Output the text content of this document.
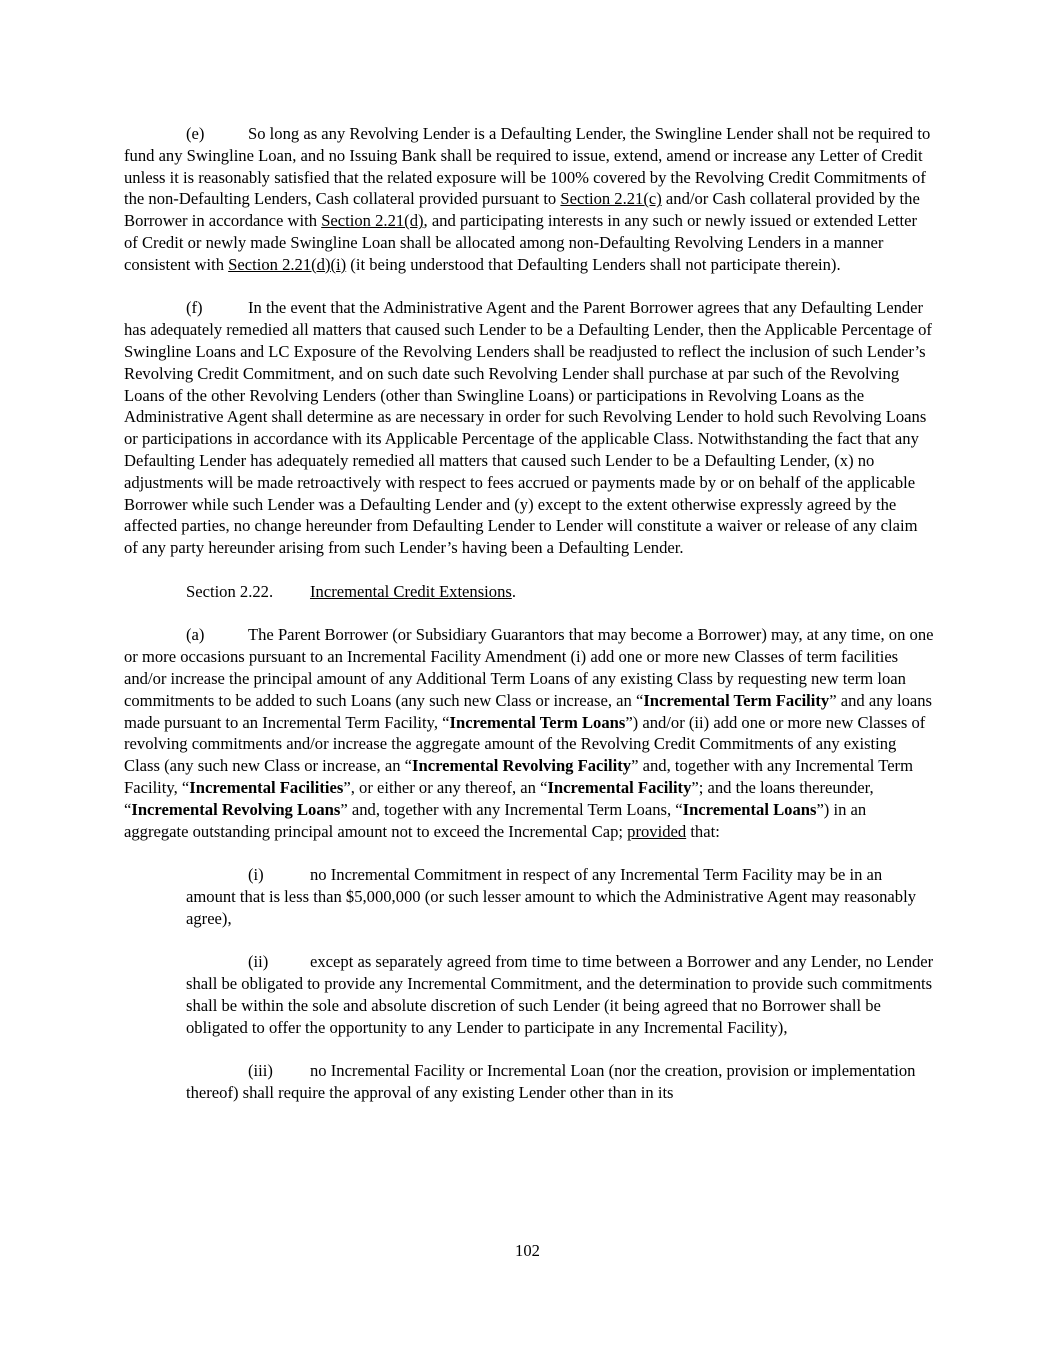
(e)	So long as any Revolving Lender is a Defaulting Lender, the Swingline Lender shall not be required to fund any Swingline Loan, and no Issuing Bank shall be required to issue, extend, amend or increase any Letter of Credit unless it is reasonably satisfied that the related exposure will be 100% covered by the Revolving Credit Commitments of the non-Defaulting Lenders, Cash collateral provided pursuant to Section 2.21(c) and/or Cash collateral provided by the Borrower in accordance with Section 2.21(d), and participating interests in any such or newly issued or extended Letter of Credit or newly made Swingline Loan shall be allocated among non-Defaulting Revolving Lenders in a manner consistent with Section 2.21(d)(i) (it being understood that Defaulting Lenders shall not participate therein).

(f)	In the event that the Administrative Agent and the Parent Borrower agrees that any Defaulting Lender has adequately remedied all matters that caused such Lender to be a Defaulting Lender, then the Applicable Percentage of Swingline Loans and LC Exposure of the Revolving Lenders shall be readjusted to reflect the inclusion of such Lender’s Revolving Credit Commitment, and on such date such Revolving Lender shall purchase at par such of the Revolving Loans of the other Revolving Lenders (other than Swingline Loans) or participations in Revolving Loans as the Administrative Agent shall determine as are necessary in order for such Revolving Lender to hold such Revolving Loans or participations in accordance with its Applicable Percentage of the applicable Class. Notwithstanding the fact that any Defaulting Lender has adequately remedied all matters that caused such Lender to be a Defaulting Lender, (x) no adjustments will be made retroactively with respect to fees accrued or payments made by or on behalf of the applicable Borrower while such Lender was a Defaulting Lender and (y) except to the extent otherwise expressly agreed by the affected parties, no change hereunder from Defaulting Lender to Lender will constitute a waiver or release of any claim of any party hereunder arising from such Lender’s having been a Defaulting Lender.

Section 2.22. Incremental Credit Extensions.

(a)	The Parent Borrower (or Subsidiary Guarantors that may become a Borrower) may, at any time, on one or more occasions pursuant to an Incremental Facility Amendment (i) add one or more new Classes of term facilities and/or increase the principal amount of any Additional Term Loans of any existing Class by requesting new term loan commitments to be added to such Loans (any such new Class or increase, an “Incremental Term Facility” and any loans made pursuant to an Incremental Term Facility, “Incremental Term Loans”) and/or (ii) add one or more new Classes of revolving commitments and/or increase the aggregate amount of the Revolving Credit Commitments of any existing Class (any such new Class or increase, an “Incremental Revolving Facility” and, together with any Incremental Term Facility, “Incremental Facilities”, or either or any thereof, an “Incremental Facility”; and the loans thereunder, “Incremental Revolving Loans” and, together with any Incremental Term Loans, “Incremental Loans”) in an aggregate outstanding principal amount not to exceed the Incremental Cap; provided that:

(i)	no Incremental Commitment in respect of any Incremental Term Facility may be in an amount that is less than $5,000,000 (or such lesser amount to which the Administrative Agent may reasonably agree),

(ii)	except as separately agreed from time to time between a Borrower and any Lender, no Lender shall be obligated to provide any Incremental Commitment, and the determination to provide such commitments shall be within the sole and absolute discretion of such Lender (it being agreed that no Borrower shall be obligated to offer the opportunity to any Lender to participate in any Incremental Facility),

(iii) no Incremental Facility or Incremental Loan (nor the creation, provision or implementation thereof) shall require the approval of any existing Lender other than in its

102
